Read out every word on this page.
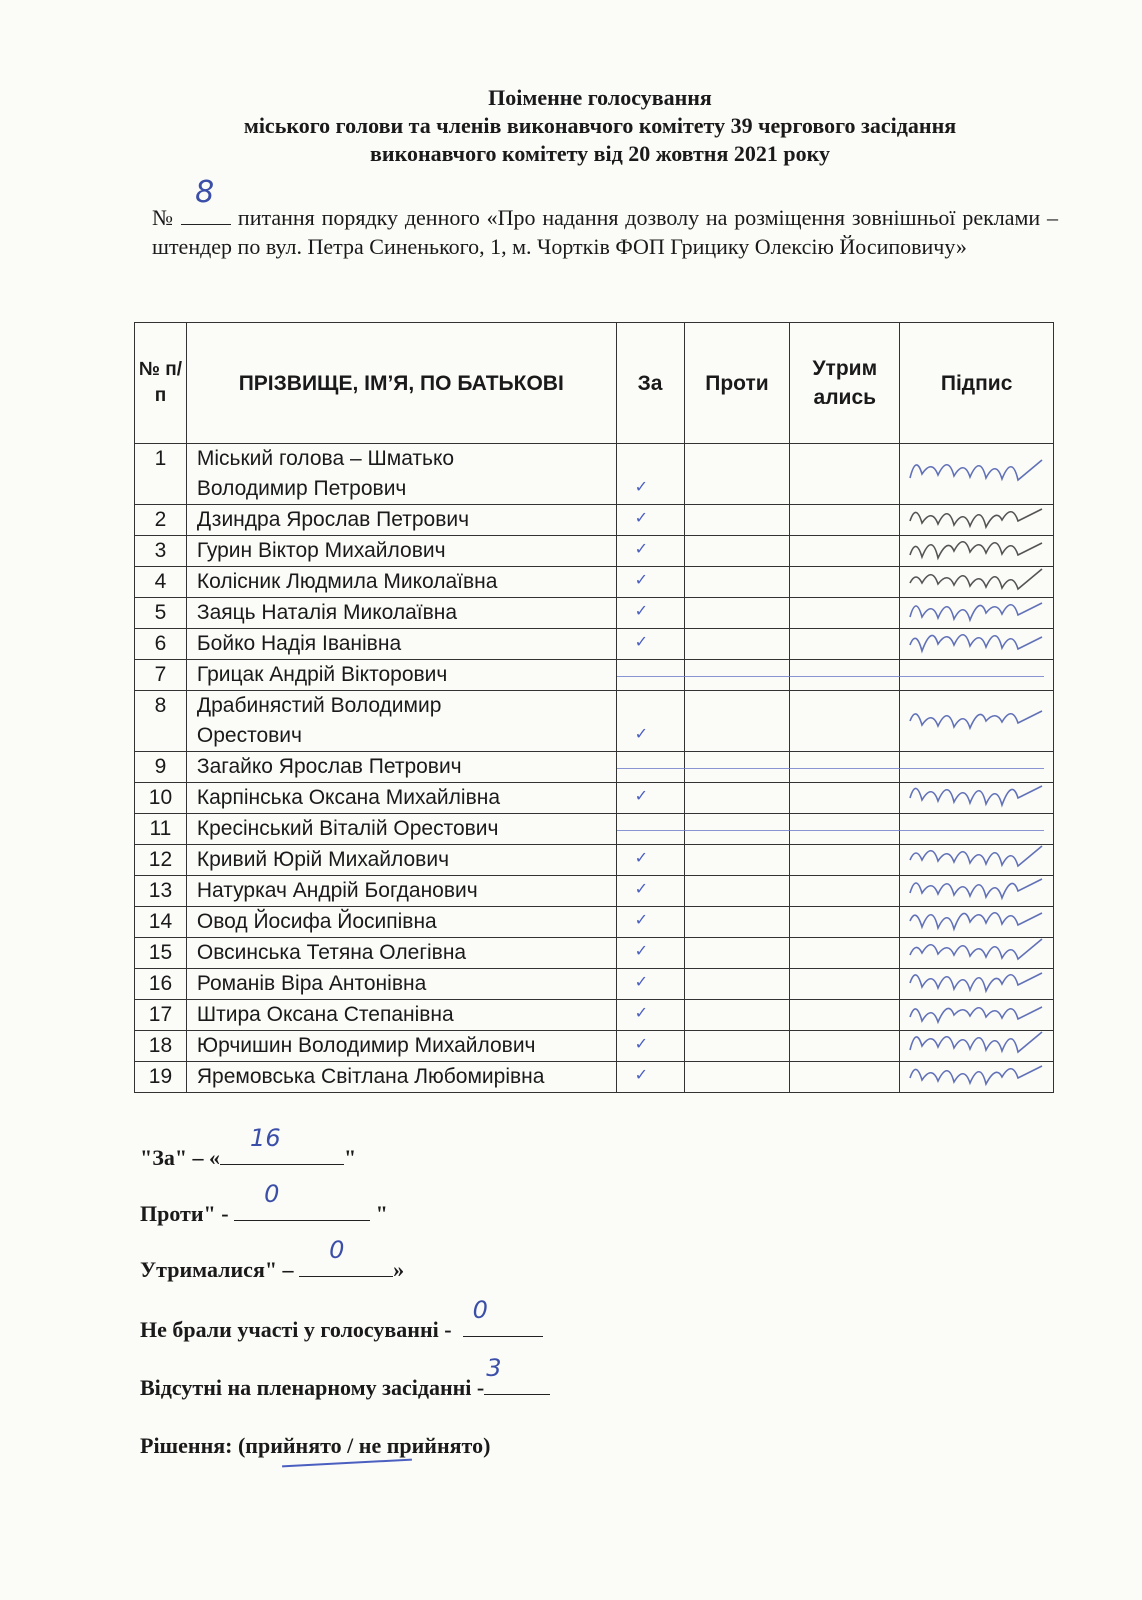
Поіменне голосування
міського голови та членів виконавчого комітету 39 чергового засідання
виконавчого комітету від 20 жовтня 2021 року
№
8
питання порядку денного «Про надання дозволу на розміщення зовнішньої реклами – штендер по вул. Петра Синенького, 1, м. Чортків ФОП Грицику Олексію Йосиповичу»
№ п/п	ПРІЗВИЩЕ, ІМ’Я, ПО БАТЬКОВІ	За	Проти	Утрим ались	Підпис
1	Міський голова – Шматько
Володимир Петрович	✓			

2	Дзиндра Ярослав Петрович	✓			

3	Гурин Віктор Михайлович	✓			

4	Колісник Людмила Миколаївна	✓			

5	Заяць Наталія Миколаївна	✓			

6	Бойко Надія Іванівна	✓			

7	Грицак Андрій Вікторович	

8	Драбинястий Володимир
Орестович	✓			

9	Загайко Ярослав Петрович	

10	Карпінська Оксана Михайлівна	✓			

11	Кресінський Віталій Орестович	

12	Кривий Юрій Михайлович	✓			

13	Натуркач Андрій Богданович	✓			

14	Овод Йосифа Йосипівна	✓			

15	Овсинська Тетяна Олегівна	✓			

16	Романів Віра Антонівна	✓			

17	Штира Оксана Степанівна	✓			

18	Юрчишин Володимир Михайлович	✓			

19	Яремовська Світлана Любомирівна	✓			

"За" – «
16
"
Проти" -
0
"
Утрималися" –
0
»
Не брали участі у голосуванні -
0
Відсутні на пленарному засіданні -
3
Рішення: (прийнято / не прийнято)
